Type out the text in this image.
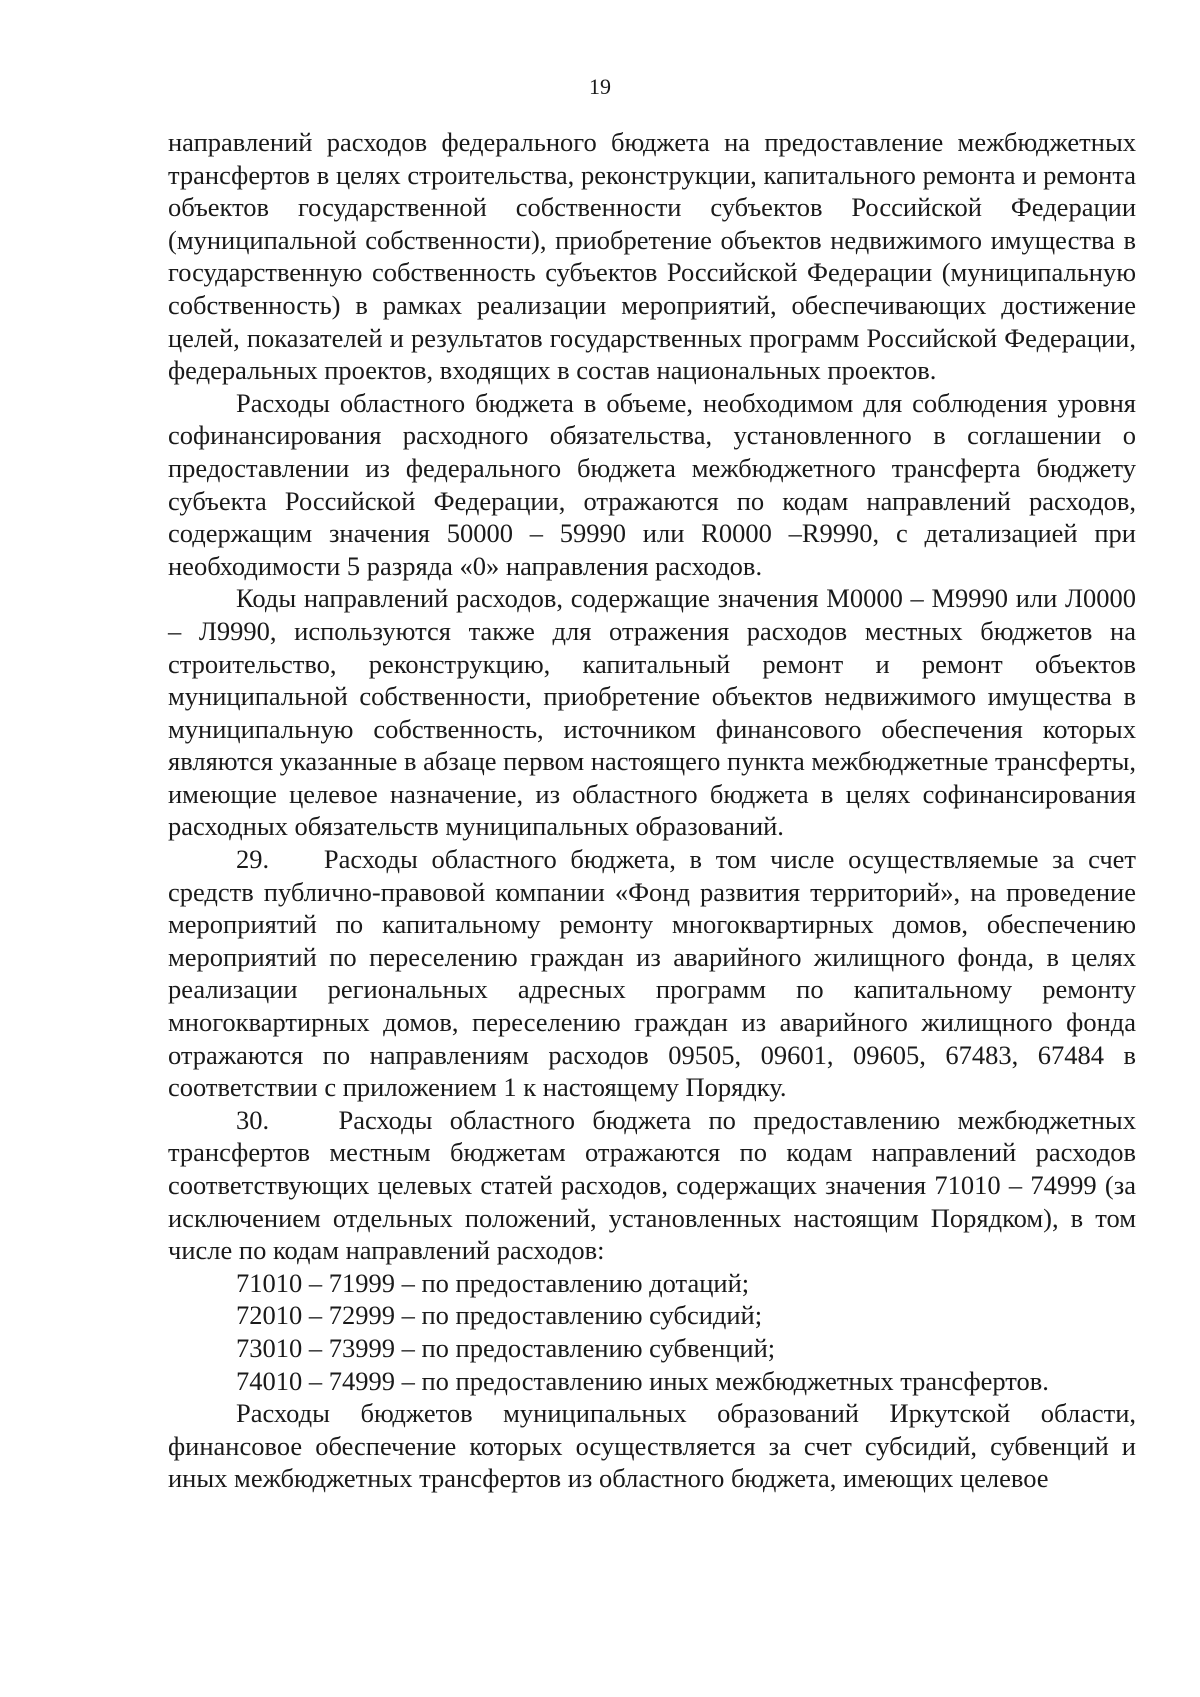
19

направлений расходов федерального бюджета на предоставление межбюджетных трансфертов в целях строительства, реконструкции, капитального ремонта и ремонта объектов государственной собственности субъектов Российской Федерации (муниципальной собственности), приобретение объектов недвижимого имущества в государственную собственность субъектов Российской Федерации (муниципальную собственность) в рамках реализации мероприятий, обеспечивающих достижение целей, показателей и результатов государственных программ Российской Федерации, федеральных проектов, входящих в состав национальных проектов.

Расходы областного бюджета в объеме, необходимом для соблюдения уровня софинансирования расходного обязательства, установленного в соглашении о предоставлении из федерального бюджета межбюджетного трансферта бюджету субъекта Российской Федерации, отражаются по кодам направлений расходов, содержащим значения 50000 – 59990 или R0000 –R9990, с детализацией при необходимости 5 разряда «0» направления расходов.

Коды направлений расходов, содержащие значения M0000 – M9990 или Л0000 – Л9990, используются также для отражения расходов местных бюджетов на строительство, реконструкцию, капитальный ремонт и ремонт объектов муниципальной собственности, приобретение объектов недвижимого имущества в муниципальную собственность, источником финансового обеспечения которых являются указанные в абзаце первом настоящего пункта межбюджетные трансферты, имеющие целевое назначение, из областного бюджета в целях софинансирования расходных обязательств муниципальных образований.

29.    Расходы областного бюджета, в том числе осуществляемые за счет средств публично-правовой компании «Фонд развития территорий», на проведение мероприятий по капитальному ремонту многоквартирных домов, обеспечению мероприятий по переселению граждан из аварийного жилищного фонда, в целях реализации региональных адресных программ по капитальному ремонту многоквартирных домов, переселению граждан из аварийного жилищного фонда отражаются по направлениям расходов 09505, 09601, 09605, 67483, 67484 в соответствии с приложением 1 к настоящему Порядку.

30.    Расходы областного бюджета по предоставлению межбюджетных трансфертов местным бюджетам отражаются по кодам направлений расходов соответствующих целевых статей расходов, содержащих значения 71010 – 74999 (за исключением отдельных положений, установленных настоящим Порядком), в том числе по кодам направлений расходов:

71010 – 71999 – по предоставлению дотаций;

72010 – 72999 – по предоставлению субсидий;

73010 – 73999 – по предоставлению субвенций;

74010 – 74999 – по предоставлению иных межбюджетных трансфертов.

Расходы бюджетов муниципальных образований Иркутской области, финансовое обеспечение которых осуществляется за счет субсидий, субвенций и иных межбюджетных трансфертов из областного бюджета, имеющих целевое
